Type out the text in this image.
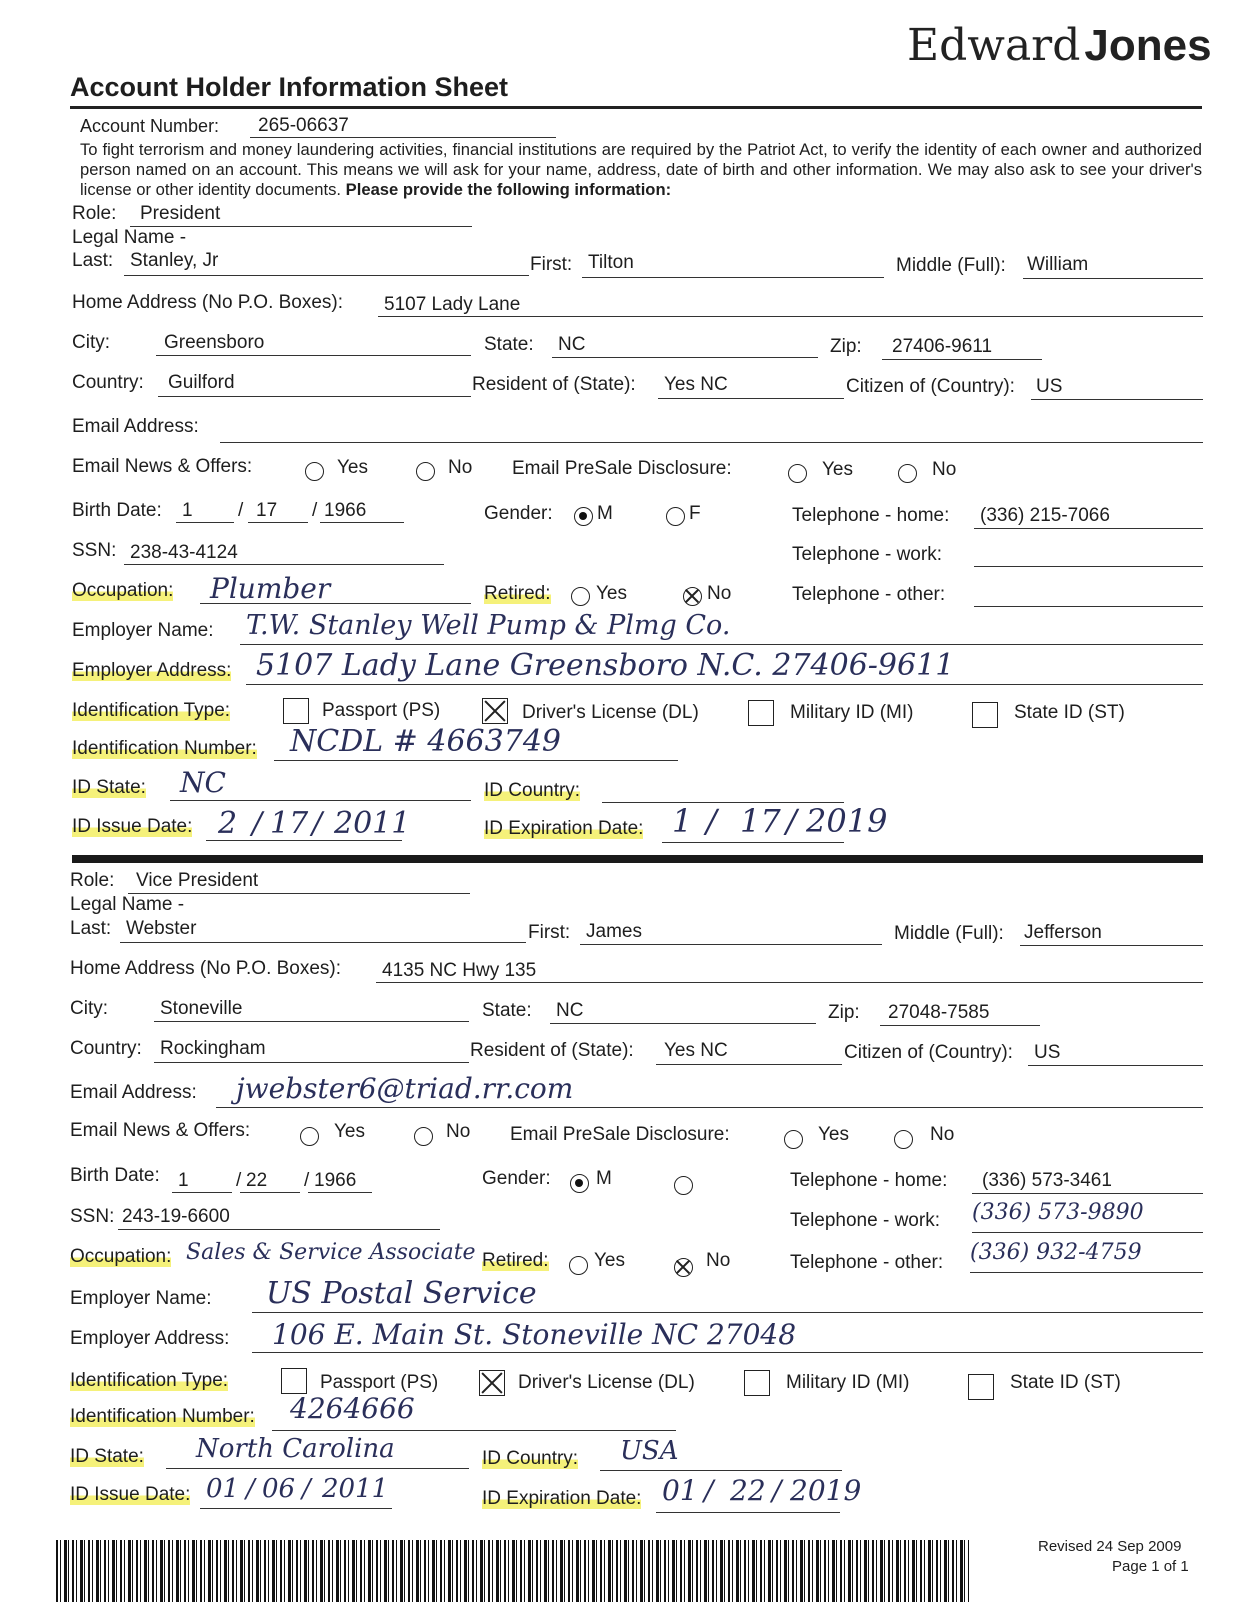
EdwardJones
Account Holder Information Sheet
Account Number: 265-06637
To fight terrorism and money laundering activities, financial institutions are required by the Patriot Act, to verify the identity of each owner and authorized person named on an account. This means we will ask for your name, address, date of birth and other information. We may also ask to see your driver's license or other identity documents. Please provide the following information:
Role: President
Legal Name -
Last: Stanley, Jr	First: Tilton	Middle (Full): William
Home Address (No P.O. Boxes): 5107 Lady Lane
City:	Greensboro	State: NC	Zip: 27406-9611
Country: Guilford	Resident of (State): Yes NC	Citizen of (Country): US
Email Address:
Email News & Offers:	Yes	No Email PreSale Disclosure:	Yes	No
Birth Date: 1 / 17 / 1966	Gender: M	F	Telephone - home: (336) 215-7066
SSN: 238-43-4124	Telephone - work:
Occupation: Plumber	Retired: Yes	No	Telephone - other:
Employer Name: T.W. Stanley Well Pump & Plmg Co.
Employer Address: 5107 Lady Lane Greensboro N.C. 27406-9611
Identification Type:	Passport (PS)	Driver's License (DL)	Military ID (MI)	State ID (ST)
Identification Number: NCDL # 4663749
ID State: NC	ID Country:
ID Issue Date: 2 / 17 / 2011	ID Expiration Date: 1 / 17 / 2019
Role: Vice President
Legal Name -
Last: Webster	First: James	Middle (Full): Jefferson
Home Address (No P.O. Boxes): 4135 NC Hwy 135
City:	Stoneville	State: NC	Zip: 27048-7585
Country: Rockingham	Resident of (State): Yes NC	Citizen of (Country): US
Email Address: jwebster6@triad.rr.com
Email News & Offers:	Yes	No Email PreSale Disclosure:	Yes	No
Birth Date: 1 / 22 / 1966	Gender: M	Telephone - home: (336) 573-3461
SSN: 243-19-6600	Telephone - work: (336) 573-9890
Occupation: Sales & Service Associate Retired: Yes	No	Telephone - other: (336) 932-4759
Employer Name: US Postal Service
Employer Address: 106 E. Main St. Stoneville NC 27048
Identification Type:	Passport (PS)	Driver's License (DL)	Military ID (MI)	State ID (ST)
Identification Number: 4264666
ID State: North Carolina	ID Country: USA
ID Issue Date: 01 / 06 / 2011	ID Expiration Date: 01 / 22 / 2019
Revised 24 Sep 2009
Page 1 of 1
